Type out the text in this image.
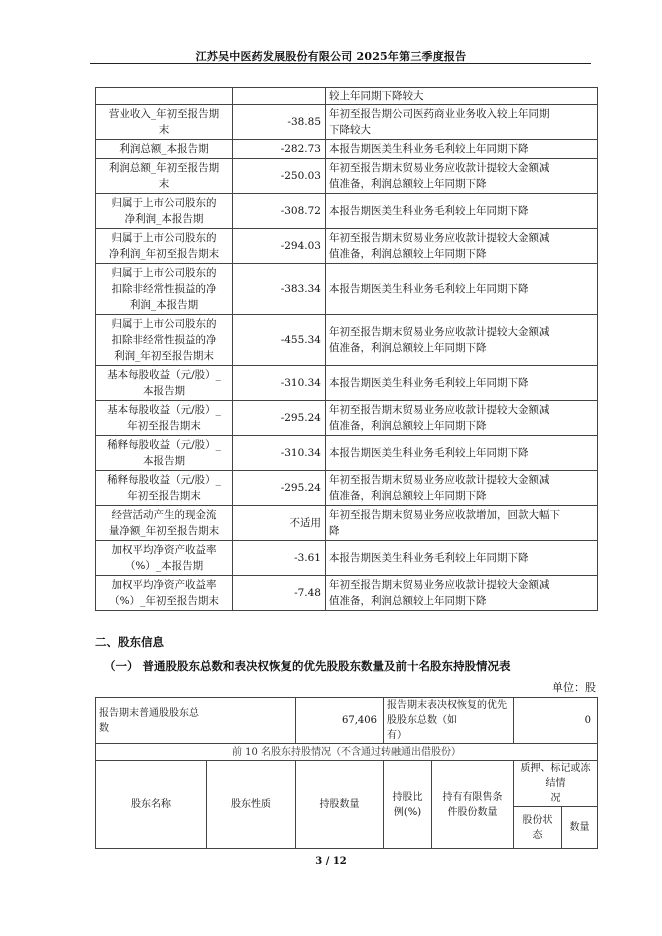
江苏吴中医药发展股份有限公司 2025年第三季度报告
		较上年同期下降较大
营业收入_年初至报告期
末	-38.85	年初至报告期公司医药商业业务收入较上年同期
下降较大
利润总额_本报告期	-282.73	本报告期医美生科业务毛利较上年同期下降
利润总额_年初至报告期
末	-250.03	年初至报告期末贸易业务应收款计提较大金额减
值准备，利润总额较上年同期下降
归属于上市公司股东的
净利润_本报告期	-308.72	本报告期医美生科业务毛利较上年同期下降
归属于上市公司股东的
净利润_年初至报告期末	-294.03	年初至报告期末贸易业务应收款计提较大金额减
值准备，利润总额较上年同期下降
归属于上市公司股东的
扣除非经常性损益的净
利润_本报告期	-383.34	本报告期医美生科业务毛利较上年同期下降
归属于上市公司股东的
扣除非经常性损益的净
利润_年初至报告期末	-455.34	年初至报告期末贸易业务应收款计提较大金额减
值准备，利润总额较上年同期下降
基本每股收益（元/股）_
本报告期	-310.34	本报告期医美生科业务毛利较上年同期下降
基本每股收益（元/股）_
年初至报告期末	-295.24	年初至报告期末贸易业务应收款计提较大金额减
值准备，利润总额较上年同期下降
稀释每股收益（元/股）_
本报告期	-310.34	本报告期医美生科业务毛利较上年同期下降
稀释每股收益（元/股）_
年初至报告期末	-295.24	年初至报告期末贸易业务应收款计提较大金额减
值准备，利润总额较上年同期下降
经营活动产生的现金流
量净额_年初至报告期末	不适用	年初至报告期末贸易业务应收款增加，回款大幅下
降
加权平均净资产收益率
（%）_本报告期	-3.61	本报告期医美生科业务毛利较上年同期下降
加权平均净资产收益率
（%）_年初至报告期末	-7.48	年初至报告期末贸易业务应收款计提较大金额减
值准备，利润总额较上年同期下降
二、股东信息
（一） 普通股股东总数和表决权恢复的优先股股东数量及前十名股东持股情况表
单位：股
报告期末普通股股东总
数		67,406	报告期末表决权恢复的优先股股东总数（如
有）		0	
前 10 名股东持股情况（不含通过转融通出借股份）						
股东名称	股东性质	持股数量	持股比
例(%)	持有有限售条
件股份数量	质押、标记或冻结情
况	
					股份状
态	数量
3 / 12
